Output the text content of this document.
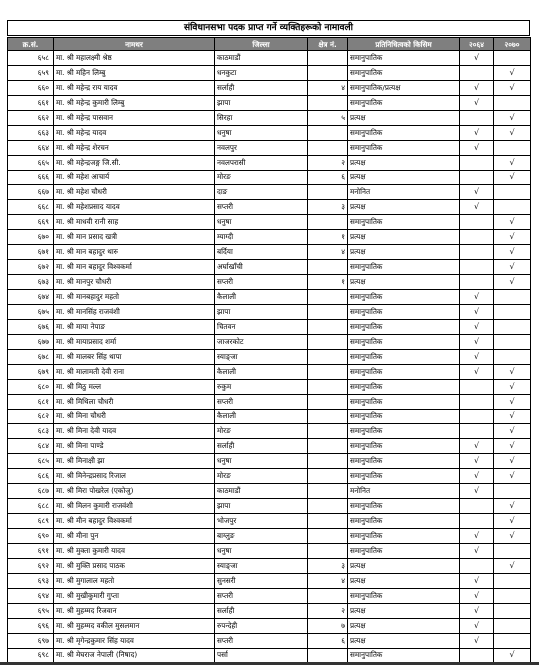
संविधानसभा पदक प्राप्त गर्ने व्यक्तिहरूको नामावली
क्र.सं.	नामथर	जिल्ला	क्षेत्र नं.	प्रतिनिधित्वको किसिम	२०६४	२०७०
६५८	मा. श्री महालक्ष्मी श्रेष्ठ	काठमाडौं		समानुपातिक	√	
६५९	मा. श्री महिन लिम्बु	धनकुटा		समानुपातिक		√
६६०	मा. श्री महेन्द्र राय यादव	सर्लाही	४	समानुपातिक/प्रत्यक्ष	√	√
६६१	मा. श्री महेन्द्र कुमारी लिम्बु	झापा		समानुपातिक	√	
६६२	मा. श्री महेन्द्र पासवान	सिरहा	५	प्रत्यक्ष		√
६६३	मा. श्री महेन्द्र यादव	धनुषा		समानुपातिक	√	√
६६४	मा. श्री महेन्द्र शेरचन	नवलपुर		समानुपातिक	√	
६६५	मा. श्री महेन्द्रजङ्ग जि.सी.	नवलपरासी	२	प्रत्यक्ष		√
६६६	मा. श्री महेश आचार्य	मोरङ	६	प्रत्यक्ष		√
६६७	मा. श्री महेश चौधरी	दाङ		मनोनित	√	
६६८	मा. श्री महेशप्रसाद यादव	सप्तरी	३	प्रत्यक्ष	√	
६६९	मा. श्री माधवी रानी साह	धनुषा		समानुपातिक		√
६७०	मा. श्री मान प्रसाद खत्री	म्याग्दी	१	प्रत्यक्ष		√
६७१	मा. श्री मान बहादुर थारु	बर्दिया	४	प्रत्यक्ष		√
६७२	मा. श्री मान बहादुर विश्वकर्मा	अर्घाखाँची		समानुपातिक		√
६७३	मा. श्री मानपुर चौधरी	सप्तरी	१	प्रत्यक्ष		√
६७४	मा. श्री मानबहादुर महतो	कैलाली		समानुपातिक	√	
६७५	मा. श्री मानसिंह राजवंशी	झापा		समानुपातिक	√	
६७६	मा. श्री माया नेपाङ	चितवन		समानुपातिक	√	
६७७	मा. श्री मायाप्रसाद शर्मा	जाजरकोट		समानुपातिक	√	
६७८	मा. श्री मालबर सिंह थापा	स्याङ्जा		समानुपातिक	√	
६७९	मा. श्री मालामती देवी राना	कैलाली		समानुपातिक	√	√
६८०	मा. श्री मिठु मल्ल	रुकुम		समानुपातिक		√
६८१	मा. श्री मिथिला चौधरी	सप्तरी		समानुपातिक		√
६८२	मा. श्री मिना चौधरी	कैलाली		समानुपातिक		√
६८३	मा. श्री मिना देवी यादव	मोरङ		समानुपातिक		√
६८४	मा. श्री मिना पाण्डे	सर्लाही		समानुपातिक	√	√
६८५	मा. श्री मिनाक्षी झा	धनुषा		समानुपातिक	√	√
६८६	मा. श्री मिनेन्द्रप्रसाद रिजाल	मोरङ		समानुपातिक	√	√
६८७	मा. श्री मिरा पोखरेल (एकोजु)	काठमाडौं		मनोनित	√	
६८८	मा. श्री मिलन कुमारी राजवंशी	झापा		समानुपातिक		√
६८९	मा. श्री मीन बहादुर विश्वकर्मा	भोजपुर		समानुपातिक		√
६९०	मा. श्री मीना पुन	बाग्लुङ		समानुपातिक	√	√
६९१	मा. श्री मुक्ता कुमारी यादव	धनुषा		समानुपातिक	√	
६९२	मा. श्री मुक्ति प्रसाद पाठक	स्याङ्जा	३	प्रत्यक्ष		√
६९३	मा. श्री मुगालाल महतो	सुनसरी	४	प्रत्यक्ष	√	
६९४	मा. श्री मुखीकुमारी गुप्ता	सप्तरी		समानुपातिक	√	
६९५	मा. श्री मुहम्मद रिजवान	सर्लाही	२	प्रत्यक्ष	√	
६९६	मा. श्री मुहम्मद वकील मुसलमान	रुपन्देही	७	प्रत्यक्ष	√	
६९७	मा. श्री मृगेन्द्रकुमार सिंह यादव	सप्तरी	६	प्रत्यक्ष	√	
६९८	मा. श्री मेघराज नेपाली (निषाद)	पर्सा		समानुपातिक		√
